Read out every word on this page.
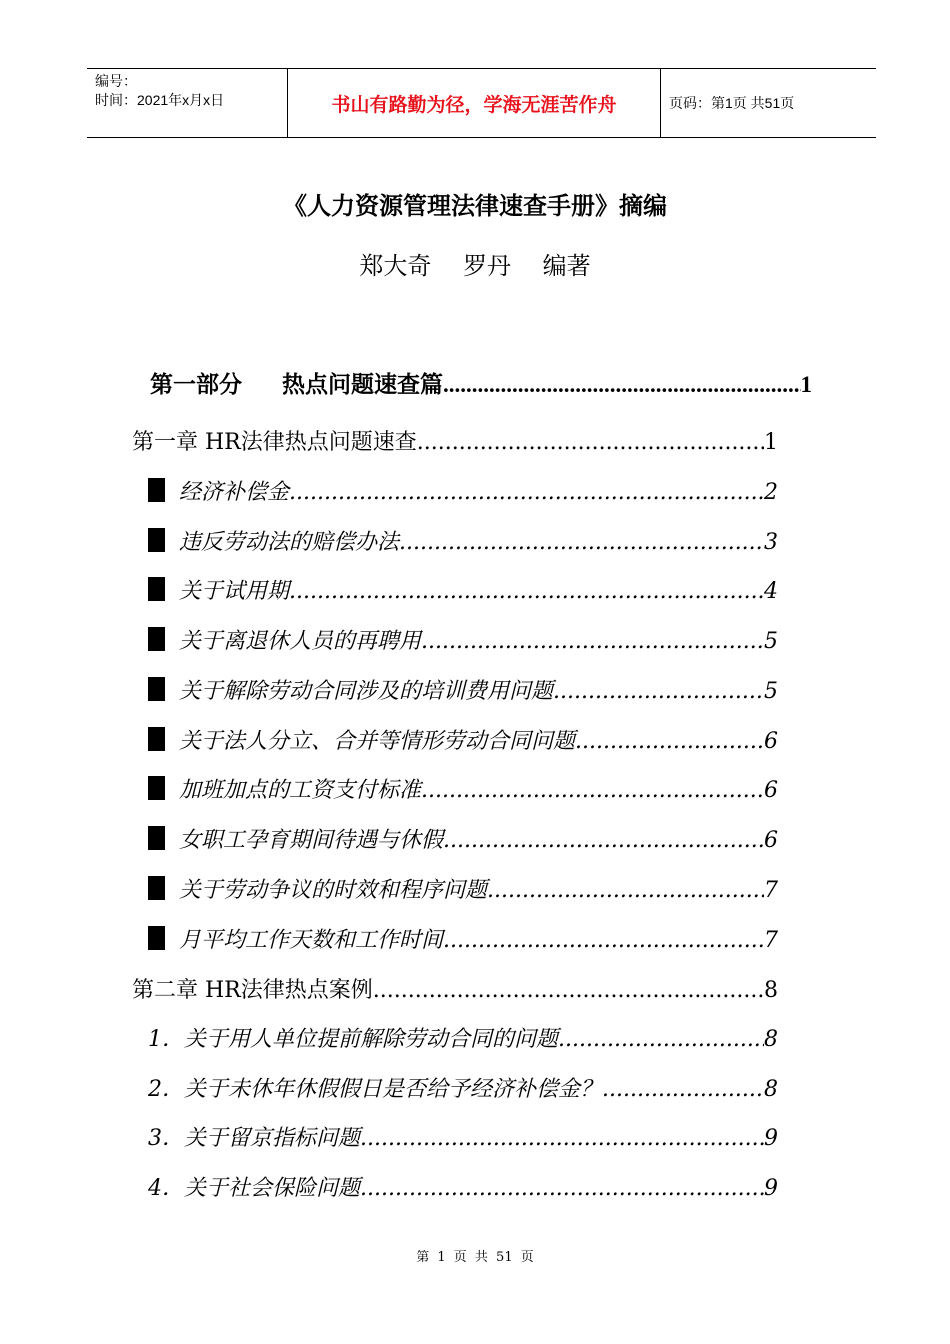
编号：
时间：2021年x月x日	书山有路勤为径，学海无涯苦作舟	页码：第1页 共51页
《人力资源管理法律速查手册》摘编
郑大奇 罗丹 编著
第一部分 热点问题速查篇 .....	1
第一章 HR法律热点问题速查 .....	1
经济补偿金 .....	2
违反劳动法的赔偿办法 .....	3
关于试用期 .....	4
关于离退休人员的再聘用 .....	5
关于解除劳动合同涉及的培训费用问题 .....	5
关于法人分立、合并等情形劳动合同问题 .....	6
加班加点的工资支付标准 .....	6
女职工孕育期间待遇与休假 .....	6
关于劳动争议的时效和程序问题 .....	7
月平均工作天数和工作时间 .....	7
第二章 HR法律热点案例 .....	8
1．关于用人单位提前解除劳动合同的问题 .....	8
2．关于未休年休假假日是否给予经济补偿金？ .....	8
3．关于留京指标问题 .....	9
4．关于社会保险问题 .....	9
第 1 页 共 51 页
